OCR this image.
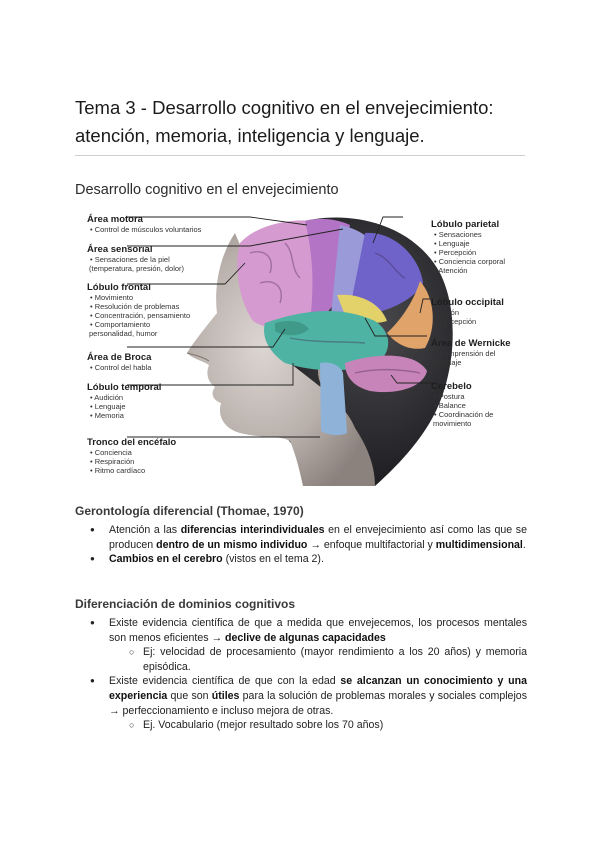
Tema 3 - Desarrollo cognitivo en el envejecimiento: atención, memoria, inteligencia y lenguaje.
Desarrollo cognitivo en el envejecimiento
Área motora
• Control de músculos voluntarios
Área sensorial
• Sensaciones de la piel
(temperatura, presión, dolor)
Lóbulo frontal
• Movimiento
• Resolución de problemas
• Concentración, pensamiento
• Comportamiento
personalidad, humor
Área de Broca
• Control del habla
Lóbulo temporal
• Audición
• Lenguaje
• Memoria
Tronco del encéfalo
• Conciencia
• Respiración
• Ritmo cardíaco
Lóbulo parietal
• Sensaciones
• Lenguaje
• Percepción
• Conciencia corporal
• Atención
Lóbulo occipital
• Visión
• Percepción
Área de Wernicke
• Comprensión del
lenguaje
Cerebelo
• Postura
• Balance
• Coordinación de
movimiento
Gerontología diferencial (Thomae, 1970)
● Atención a las diferencias interindividuales en el envejecimiento así como las que se producen dentro de un mismo individuo → enfoque multifactorial y multidimensional.
● Cambios en el cerebro (vistos en el tema 2).
Diferenciación de dominios cognitivos
● Existe evidencia científica de que a medida que envejecemos, los procesos mentales son menos eficientes → declive de algunas capacidades
○ Ej: velocidad de procesamiento (mayor rendimiento a los 20 años) y memoria episódica.
● Existe evidencia científica de que con la edad se alcanzan un conocimiento y una experiencia que son útiles para la solución de problemas morales y sociales complejos → perfeccionamiento e incluso mejora de otras.
○ Ej. Vocabulario (mejor resultado sobre los 70 años)
